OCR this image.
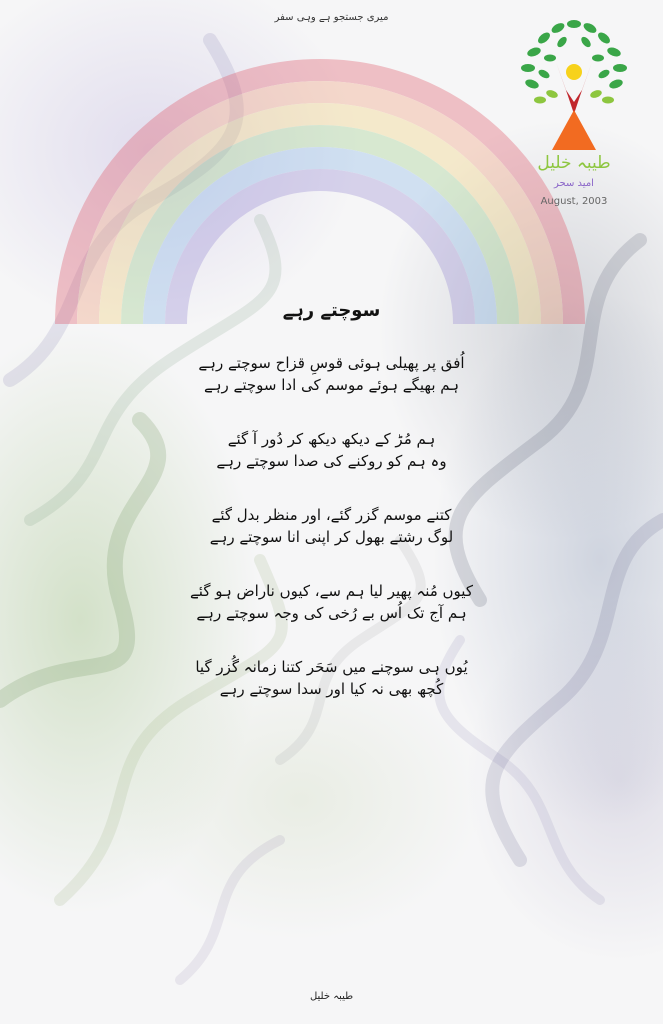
میری جستجو ہے وہی سفر
طیبہ خلیل
امید سحر
August, 2003
سوچتے رہے
اُفق پر پھیلی ہوئی قوسِ قزاح سوچتے رہے
ہم بھیگے ہوئے موسم کی ادا سوچتے رہے
ہم مُڑ کے دیکھ دیکھ کر دُور آ گئے
وہ ہم کو روکنے کی صدا سوچتے رہے
کتنے موسم گزر گئے، اور منظر بدل گئے
لوگ رشتے بھول کر اپنی انا سوچتے رہے
کیوں مُنہ پھیر لیا ہم سے، کیوں ناراض ہو گئے
ہم آج تک اُس بے رُخی کی وجہ سوچتے رہے
یُوں ہی سوچنے میں سَحَر کتنا زمانہ گُزر گیا
کُچھ بھی نہ کیا اور سدا سوچتے رہے
طیبہ خلیل
